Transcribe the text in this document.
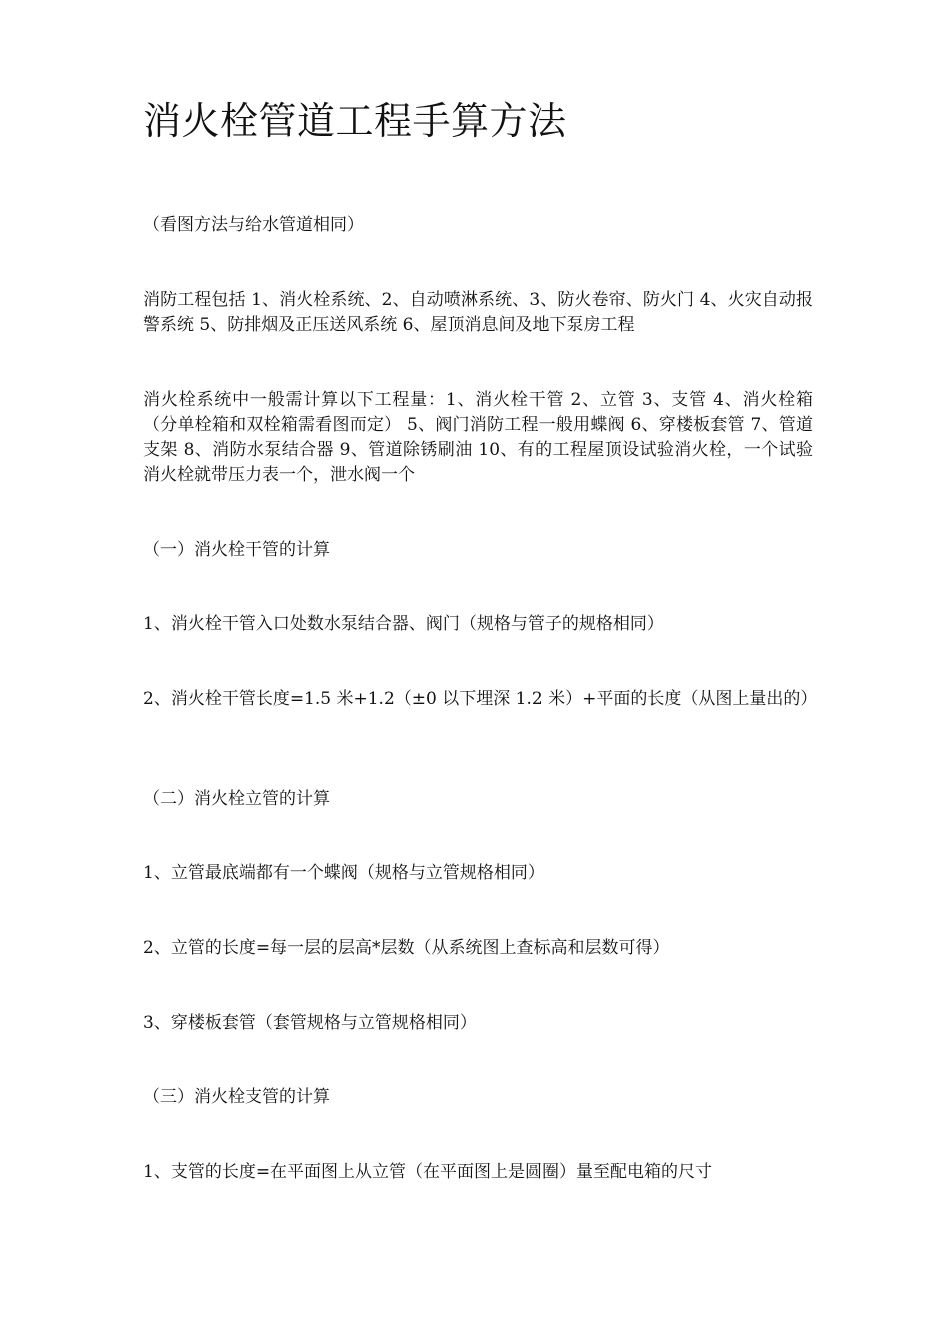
消火栓管道工程手算方法

（看图方法与给水管道相同）

消防工程包括 1、消火栓系统、2、自动喷淋系统、3、防火卷帘、防火门 4、火灾自动报警系统 5、防排烟及正压送风系统 6、屋顶消息间及地下泵房工程

消火栓系统中一般需计算以下工程量：1、消火栓干管 2、立管 3、支管 4、消火栓箱（分单栓箱和双栓箱需看图而定） 5、阀门消防工程一般用蝶阀 6、穿楼板套管 7、管道支架 8、消防水泵结合器 9、管道除锈刷油 10、有的工程屋顶设试验消火栓，一个试验消火栓就带压力表一个，泄水阀一个

（一）消火栓干管的计算

1、消火栓干管入口处数水泵结合器、阀门（规格与管子的规格相同）

2、消火栓干管长度=1.5 米+1.2（±0 以下埋深 1.2 米）+平面的长度（从图上量出的）

（二）消火栓立管的计算

1、立管最底端都有一个蝶阀（规格与立管规格相同）

2、立管的长度=每一层的层高*层数（从系统图上查标高和层数可得）

3、穿楼板套管（套管规格与立管规格相同）

（三）消火栓支管的计算

1、支管的长度=在平面图上从立管（在平面图上是圆圈）量至配电箱的尺寸
